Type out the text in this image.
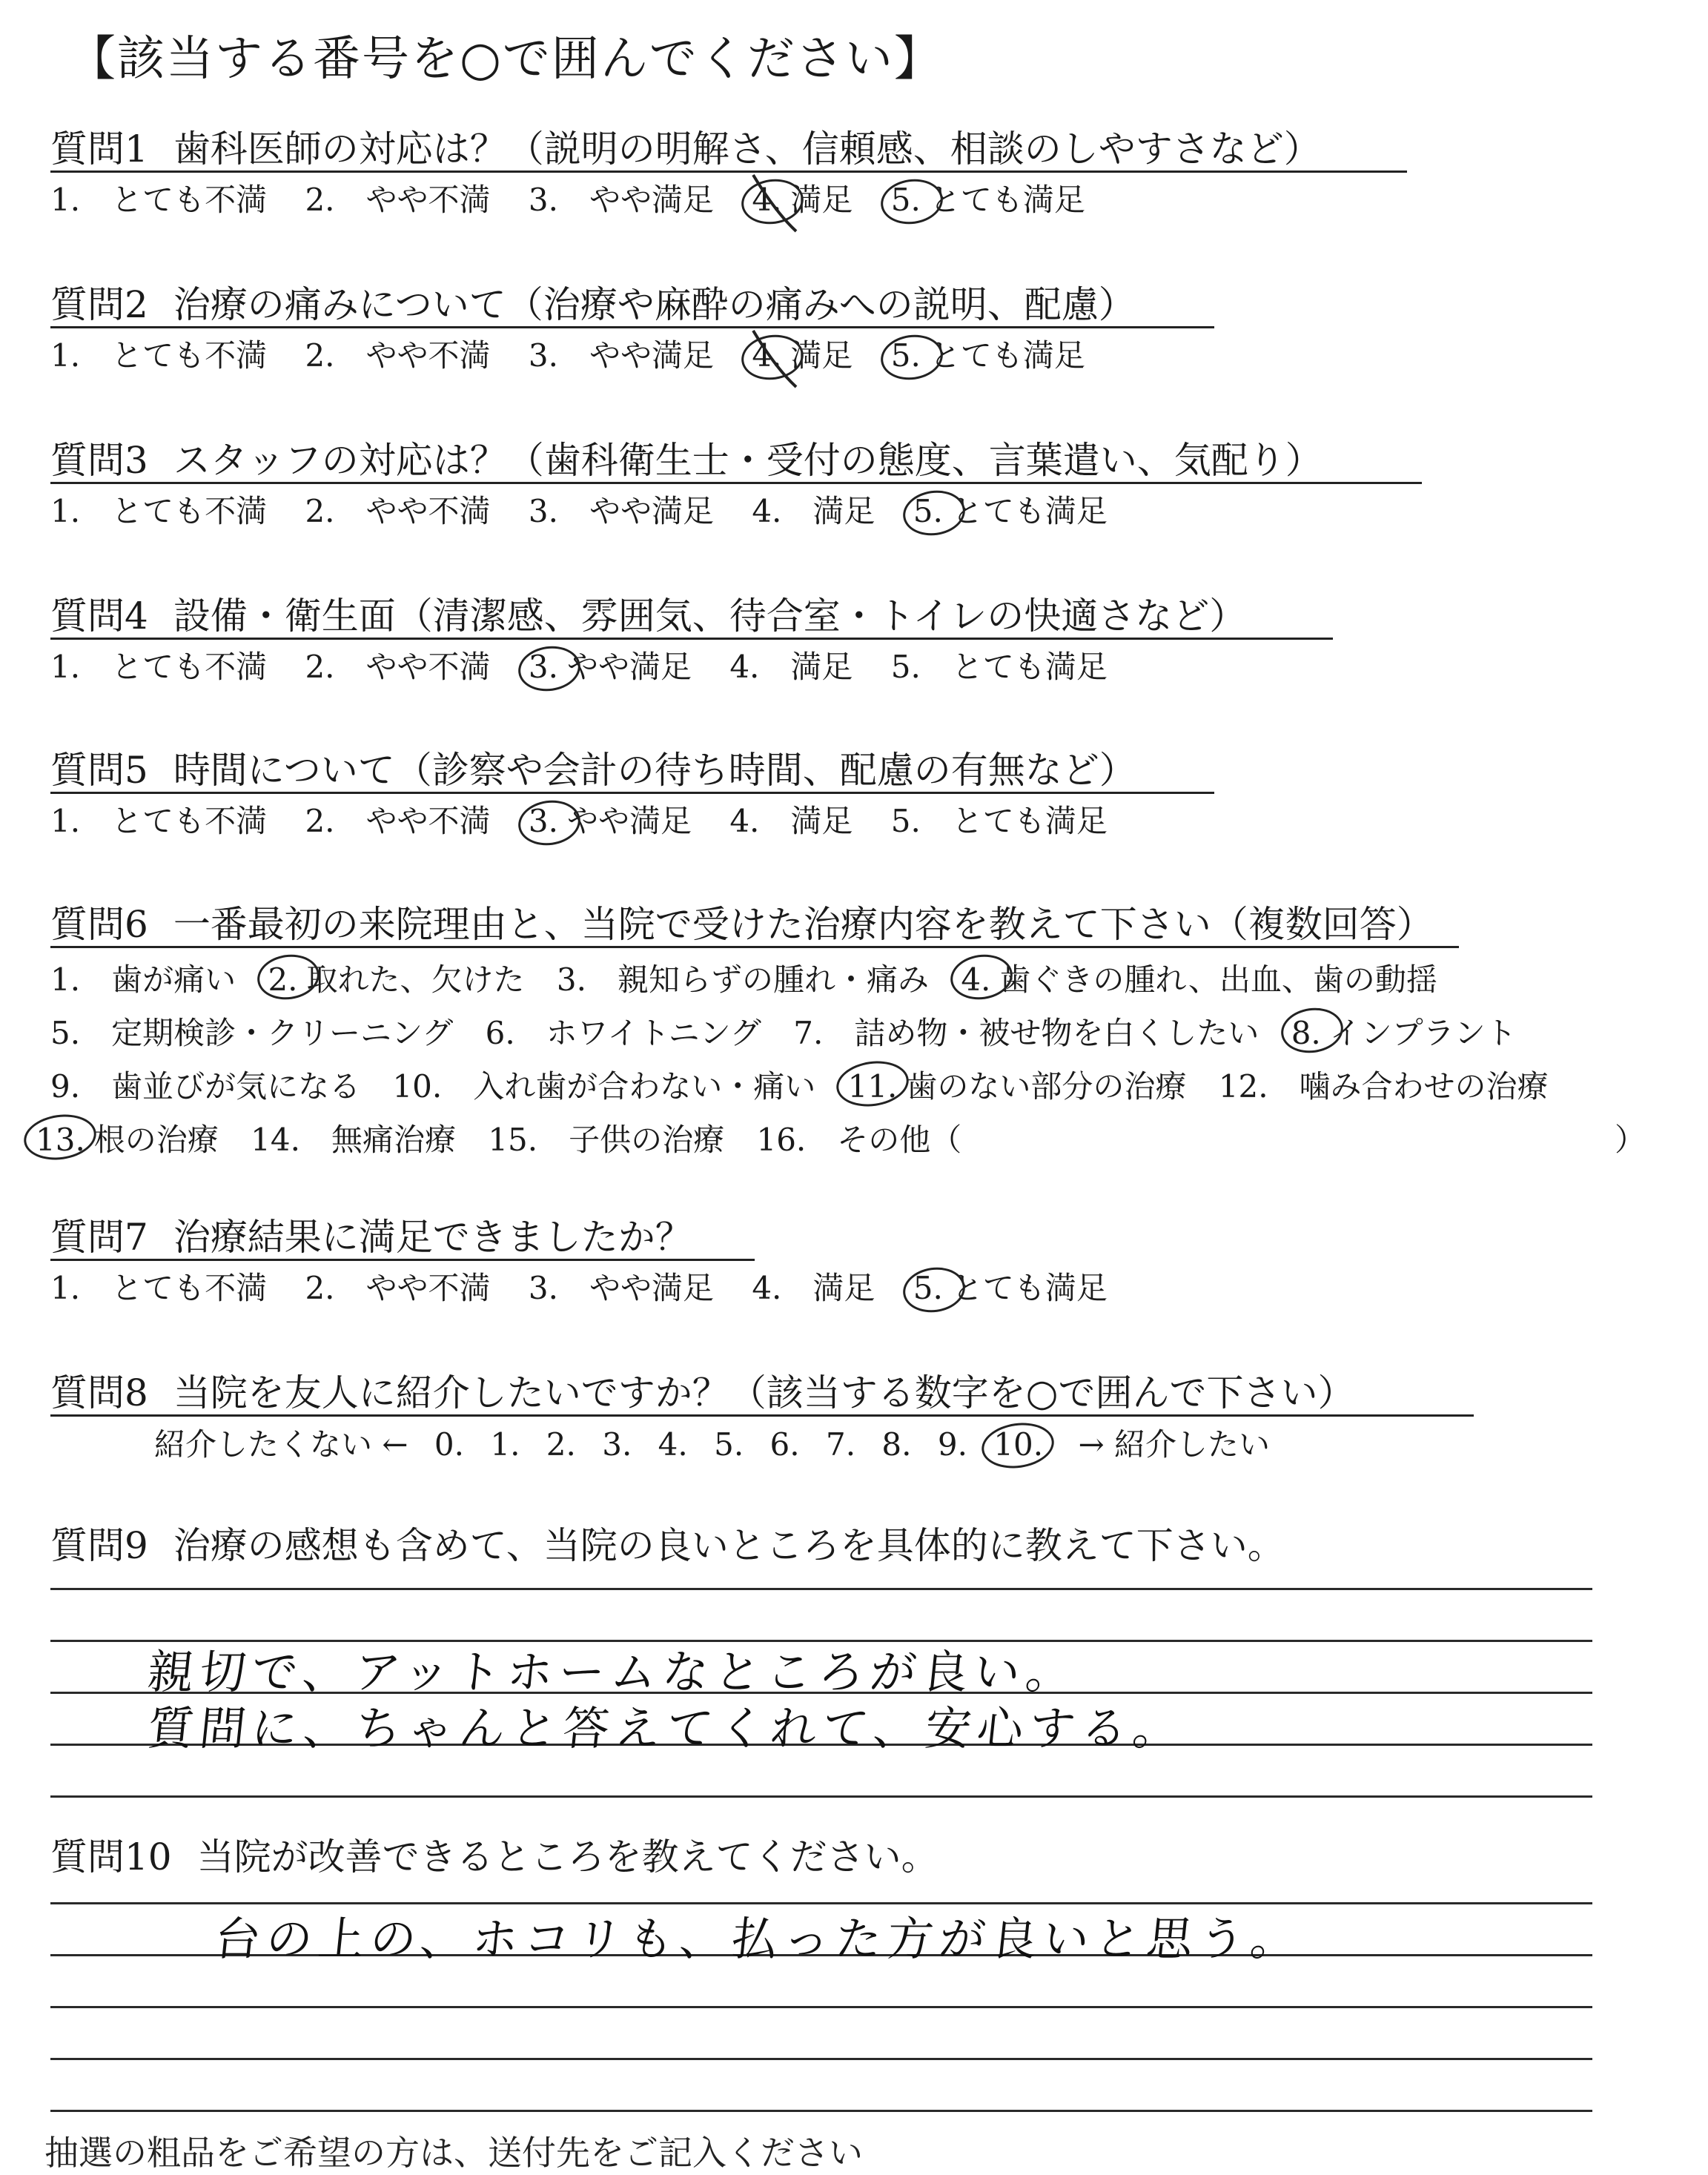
【該当する番号を○で囲んでください】
質問1 歯科医師の対応は？（説明の明解さ、信頼感、相談のしやすさなど）
1.　とても不満 2.　やや不満 3.　やや満足 4. 満足 5. とても満足
質問2 治療の痛みについて（治療や麻酔の痛みへの説明、配慮）
1.　とても不満 2.　やや不満 3.　やや満足 4. 満足 5. とても満足
質問3 スタッフの対応は？（歯科衛生士・受付の態度、言葉遣い、気配り）
1.　とても不満 2.　やや不満 3.　やや満足 4.　満足 5. とても満足
質問4 設備・衛生面（清潔感、雰囲気、待合室・トイレの快適さなど）
1.　とても不満 2.　やや不満 3. やや満足 4.　満足 5.　とても満足
質問5 時間について（診察や会計の待ち時間、配慮の有無など）
1.　とても不満 2.　やや不満 3. やや満足 4.　満足 5.　とても満足
質問6 一番最初の来院理由と、当院で受けた治療内容を教えて下さい（複数回答）
1.　歯が痛い 2. 取れた、欠けた 3.　親知らずの腫れ・痛み 4. 歯ぐきの腫れ、出血、歯の動揺
5.　定期検診・クリーニング 6.　ホワイトニング 7.　詰め物・被せ物を白くしたい 8. インプラント
9.　歯並びが気になる 10.　入れ歯が合わない・痛い 11. 歯のない部分の治療 12.　噛み合わせの治療
13. 根の治療 14.　無痛治療 15.　子供の治療 16.　その他（	）
質問7 治療結果に満足できましたか？
1.　とても不満 2.　やや不満 3.　やや満足 4.　満足 5. とても満足
質問8 当院を友人に紹介したいですか？（該当する数字を○で囲んで下さい）
紹介したくない ← 0. 1. 2. 3. 4. 5. 6. 7. 8. 9. 10. → 紹介したい
質問9 治療の感想も含めて、当院の良いところを具体的に教えて下さい。
親切で、アットホームなところが良い。
質問に、ちゃんと答えてくれて、安心する。
質問10 当院が改善できるところを教えてください。
台の上の、ホコリも、払った方が良いと思う。
抽選の粗品をご希望の方は、送付先をご記入ください
